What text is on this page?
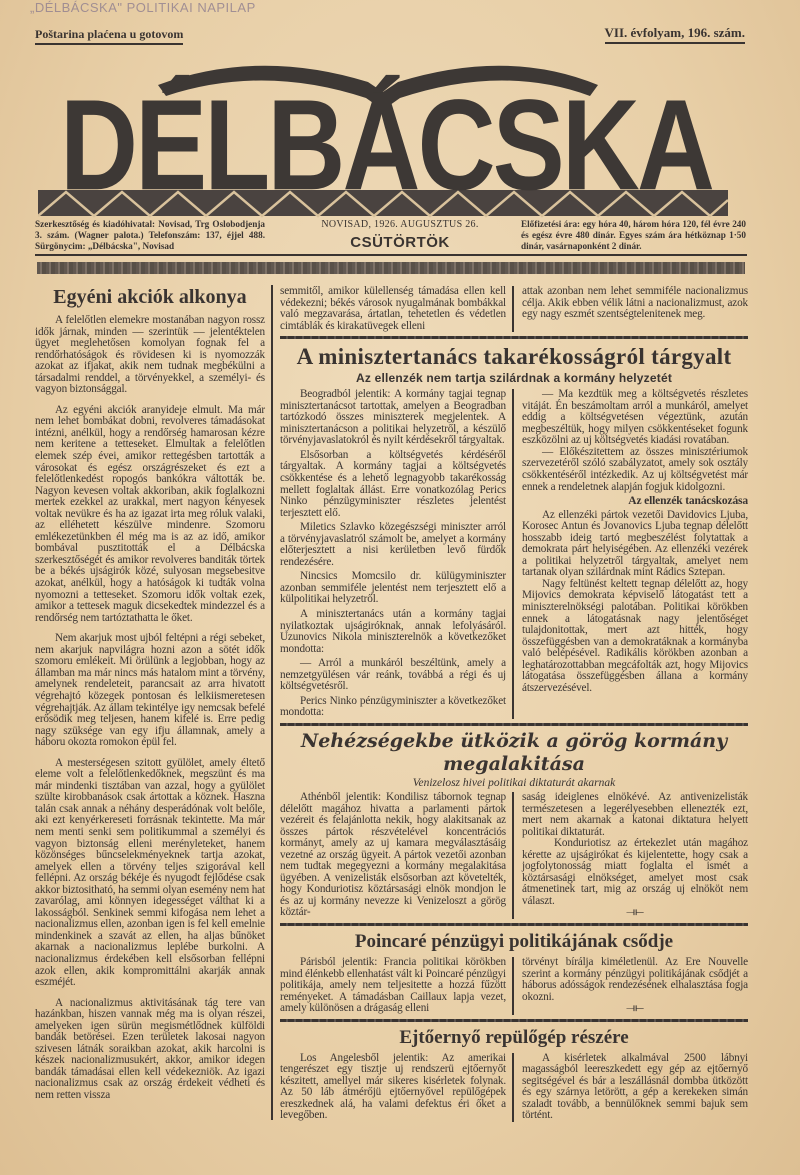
„DÉLBÁCSKA" POLITIKAI NAPILAP
Poštarina plaćena u gotovom	VII. évfolyam, 196. szám.
DÉLBÁCSKA
Szerkesztőség és kiadóhivatal: Novisad, Trg Oslobodjenja 3. szám. (Wagner palota.) Telefonszám: 137, éjjel 488. Sürgönycim: „Délbácska", Novisad
NOVISAD, 1926. AUGUSZTUS 26.
CSÜTÖRTÖK
Előfizetési ára: egy hóra 40, három hóra 120, fél évre 240 és egész évre 480 dinár. Egyes szám ára hétköznap 1·50 dinár, vasárnaponként 2 dinár.
Egyéni akciók alkonya

A felelőtlen elemekre mostanában nagyon rossz idők járnak, minden — szerintük — jelentéktelen ügyet meglehetősen komolyan fognak fel a rendőrhatóságok és rövidesen ki is nyomozzák azokat az ifjakat, akik nem tudnak megbékülni a társadalmi renddel, a törvényekkel, a személyi- és vagyon biztonsággal.

Az egyéni akciók aranyideje elmult. Ma már nem lehet bombákat dobni, revolveres támadásokat intézni, anélkül, hogy a rendőrség hamarosan kézre nem keritene a tetteseket. Elmultak a felelőtlen elemek szép évei, amikor rettegésben tartották a városokat és egész országrészeket és ezt a felelőtlenkedést ropogós bankókra váltották be. Nagyon kevesen voltak akkoriban, akik foglalkozni mertek ezekkel az urakkal, mert nagyon kényesek voltak nevükre és ha az igazat irta meg róluk valaki, az elléhetett készülve mindenre. Szomoru emlékezetünkben él még ma is az az idő, amikor bombával pusztitották el a Délbácska szerkesztőségét és amikor revolveres banditák törtek be a békés ujságirók közé, sulyosan megsebesitve azokat, anélkül, hogy a hatóságok ki tudták volna nyomozni a tetteseket. Szomoru idők voltak ezek, amikor a tettesek maguk dicsekedtek mindezzel és a rendőrség nem tartóztathatta le őket.

Nem akarjuk most ujból feltépni a régi sebeket, nem akarjuk napvilágra hozni azon a sötét idők szomoru emlékeit. Mi örülünk a legjobban, hogy az államban ma már nincs más hatalom mint a törvény, amelynek rendeleteit, parancsait az arra hivatott végrehajtó közegek pontosan és lelkiismeretesen végrehajtják. Az állam tekintélye igy nemcsak befelé erősödik meg teljesen, hanem kifelé is. Erre pedig nagy szüksége van egy ifju államnak, amely a háboru okozta romokon épül fel.

A mesterségesen szitott gyülölet, amely éltető eleme volt a felelőtlenkedőknek, megszünt és ma már mindenki tisztában van azzal, hogy a gyülölet szülte kirobbanások csak ártottak a köznek. Haszna talán csak annak a néhány desperádónak volt belőle, aki ezt kenyérkereseti forrásnak tekintette. Ma már nem menti senki sem politikummal a személyi és vagyon biztonság elleni merényleteket, hanem közönséges bűncselekményeknek tartja azokat, amelyek ellen a törvény teljes szigorával kell fellépni. Az ország békéje és nyugodt fejlődése csak akkor biztositható, ha semmi olyan esemény nem hat zavarólag, ami könnyen idegességet válthat ki a lakosságból. Senkinek semmi kifogása nem lehet a nacionalizmus ellen, azonban igen is fel kell emelnie mindenkinek a szavát az ellen, ha aljas bűnöket akarnak a nacionalizmus leplébe burkolni. A nacionalizmus érdekében kell elsősorban fellépni azok ellen, akik kompromittálni akarják annak eszméjét.

A nacionalizmus aktivitásának tág tere van hazánkban, hiszen vannak még ma is olyan részei, amelyeken igen sürün megismétlődnek külföldi bandák betörései. Ezen területek lakosai nagyon szivesen látnák soraikban azokat, akik harcolni is készek nacionalizmusukért, akkor, amikor idegen bandák támadásai ellen kell védekezniök. Az igazi nacionalizmus csak az ország érdekeit védheti és nem retten vissza

semmitől, amikor külellenség támadása ellen kell védekezni; békés városok nyugalmának bombákkal való megzavarása, ártatlan, tehetetlen és védetlen cimtáblák és kirakatüvegek elleni

attak azonban nem lehet semmiféle nacionalizmus célja. Akik ebben vélik látni a nacionalizmust, azok egy nagy eszmét szentségtelenitenek meg.

A minisztertanács takarékosságról tárgyalt
Az ellenzék nem tartja szilárdnak a kormány helyzetét

Beogradból jelentik: A kormány tagjai tegnap minisztertanácsot tartottak, amelyen a Beogradban tartózkodó összes miniszterek megjelentek. A minisztertanácson a politikai helyzetről, a készülő törvényjavaslatokról és nyilt kérdésekről tárgyaltak.

Elsősorban a költségvetés kérdéséről tárgyaltak. A kormány tagjai a költségvetés csökkentése és a lehető legnagyobb takarékosság mellett foglaltak állást. Erre vonatkozólag Perics Ninko pénzügyminiszter részletes jelentést terjesztett elő.

Miletics Szlavko közegészségi miniszter arról a törvényjavaslatról számolt be, amelyet a kormány előterjesztett a nisi kerületben levő fürdők rendezésére.

Nincsics Momcsilo dr. külügyminiszter azonban semmiféle jelentést nem terjesztett elő a külpolitikai helyzetről.

A minisztertanács után a kormány tagjai nyilatkoztak ujságiróknak, annak lefolyásáról. Uzunovics Nikola miniszterelnök a következőket mondotta:

— Arról a munkáról beszéltünk, amely a nemzetgyülésen vár reánk, továbbá a régi és uj költségvetésről.

Perics Ninko pénzügyminiszter a következőket mondotta:

— Ma kezdtük meg a költségvetés részletes vitáját. Én beszámoltam arról a munkáról, amelyet eddig a költségvetésen végeztünk, azután megbeszéltük, hogy milyen csökkentéseket fogunk eszközölni az uj költségvetés kiadási rovatában.

— Előkészitettem az összes minisztériumok szervezetéről szóló szabályzatot, amely sok osztály csökkentéséről intézkedik. Az uj költségvetést már ennek a rendeletnek alapján fogjuk kidolgozni.

Az ellenzék tanácskozása

Az ellenzéki pártok vezetői Davidovics Ljuba, Korosec Antun és Jovanovics Ljuba tegnap délelőtt hosszabb ideig tartó megbeszélést folytattak a demokrata párt helyiségében. Az ellenzéki vezérek a politikai helyzetről tárgyaltak, amelyet nem tartanak olyan szilárdnak mint Rádics Sztepan.

Nagy feltünést keltett tegnap délelőtt az, hogy Mijovics demokrata képviselő látogatást tett a miniszterelnökségi palotában. Politikai körökben ennek a látogatásnak nagy jelentőséget tulajdonitottak, mert azt hitték, hogy összefüggésben van a demokratáknak a kormányba való belépésével. Radikális körökben azonban a leghatározottabban megcáfolták azt, hogy Mijovics látogatása összefüggésben állana a kormány átszervezésével.

Nehézségekbe ütközik a görög kormány
megalakitása
Venizelosz hivei politikai diktaturát akarnak

Athénből jelentik: Kondilisz tábornok tegnap délelőtt magához hivatta a parlamenti pártok vezéreit és felajánlotta nekik, hogy alakitsanak az összes pártok részvételével koncentrációs kormányt, amely az uj kamara megválasztásáig vezetné az ország ügyeit. A pártok vezetői azonban nem tudtak megegyezni a kormány megalakitása ügyében. A venizelisták elsősorban azt követelték, hogy Konduriotisz köztársasági elnök mondjon le és az uj kormány nevezze ki Venizeloszt a görög köztár-

saság ideiglenes elnökévé. Az antivenizelisták természetesen a legerélyesebben ellenezték ezt, mert nem akarnak a katonai diktatura helyett politikai diktaturát.

Konduriotisz az értekezlet után magához kérette az ujságirókat és kijelentette, hogy csak a jogfolytonosság miatt foglalta el ismét a köztársasági elnökséget, amelyet most csak átmenetinek tart, mig az ország uj elnököt nem választ.

⟞⟝
Poincaré pénzügyi politikájának csődje

Párisból jelentik: Francia politikai körökben mind élénkebb ellenhatást vált ki Poincaré pénzügyi politikája, amely nem teljesitette a hozzá fűzött reményeket. A támadásban Caillaux lapja vezet, amely különösen a drágaság elleni

törvényt bírálja kiméletlenül. Az Ere Nouvelle szerint a kormány pénzügyi politikájának csődjét a háborus adósságok rendezésének elhalasztása fogja okozni.

⟞⟝
Ejtőernyő repülőgép részére

Los Angelesből jelentik: Az amerikai tengerészet egy tisztje uj rendszerü ejtőernyőt készitett, amellyel már sikeres kisérletek folynak. Az 50 láb átmérőjü ejtőernyővel repülőgépek ereszkednek alá, ha valami defektus éri őket a levegőben.

A kisérletek alkalmával 2500 lábnyi magasságból leereszkedett egy gép az ejtőernyő segitségével és bár a leszállásnál dombba ütközött és egy szárnya letörött, a gép a kerekeken simán szaladt tovább, a bennülőknek semmi bajuk sem történt.
